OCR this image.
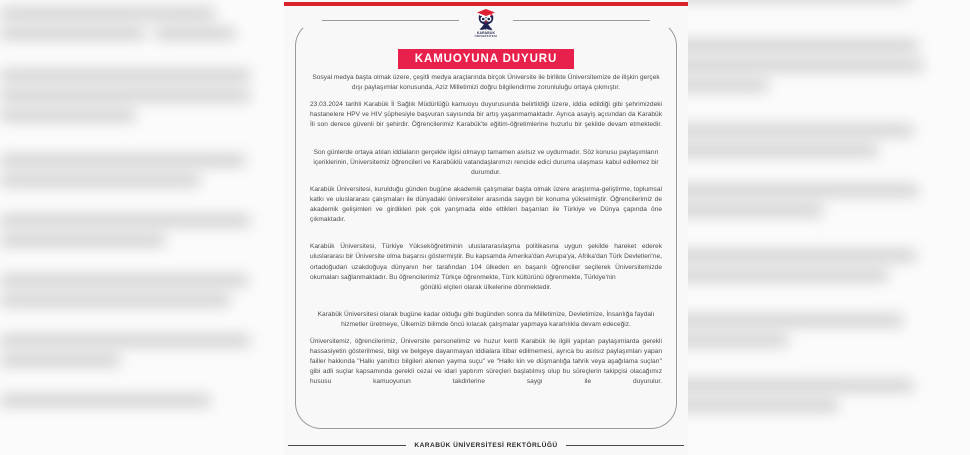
KARABÜK
ÜNİVERSİTESİ
KAMUOYUNA DUYURU

Sosyal medya başta olmak üzere, çeşitli medya araçlarında birçok Üniversite ile birlikte Üniversitemize de ilişkin gerçek dışı paylaşımlar konusunda, Aziz Milletimizi doğru bilgilendirme zorunluluğu ortaya çıkmıştır.

23.03.2024 tarihli Karabük İl Sağlık Müdürlüğü kamuoyu duyurusunda belirtildiği üzere, iddia edildiği gibi şehrimizdeki hastanelere HPV ve HIV şüphesiyle başvuran sayısında bir artış yaşanmamaktadır. Ayrıca asayiş açısından da Karabük İli son derece güvenli bir şehirdir. Öğrencilerimiz Karabük'te eğitim-öğretimlerine huzurlu bir şekilde devam etmektedir.

Son günlerde ortaya atılan iddiaların gerçekle ilgisi olmayıp tamamen asılsız ve uydurmadır. Söz konusu paylaşımların içeriklerinin, Üniversitemiz öğrencileri ve Karabüklü vatandaşlarımızı rencide edici duruma ulaşması kabul edilemez bir durumdur.

Karabük Üniversitesi, kurulduğu günden bugüne akademik çalışmalar başta olmak üzere araştırma-geliştirme, toplumsal katkı ve uluslararası çalışmaları ile dünyadaki üniversiteler arasında saygın bir konuma yükselmiştir. Öğrencilerimiz de akademik gelişimleri ve girdikleri pek çok yarışmada elde ettikleri başarıları ile Türkiye ve Dünya çapında öne çıkmaktadır.

Karabük Üniversitesi, Türkiye Yükseköğretiminin uluslararasılaşma politikasına uygun şekilde hareket ederek uluslararası bir Üniversite olma başarısı göstermiştir. Bu kapsamda Amerika'dan Avrupa'ya, Afrika'dan Türk Devletleri'ne, ortadoğudan uzakdoğuya dünyanın her tarafından 104 ülkeden en başarılı öğrenciler seçilerek Üniversitemizde okumaları sağlanmaktadır. Bu öğrencilerimiz Türkçe öğrenmekte, Türk kültürünü öğrenmekte, Türkiye'nin
gönüllü elçileri olarak ülkelerine dönmektedir.

Karabük Üniversitesi olarak bugüne kadar olduğu gibi bugünden sonra da Milletimize, Devletimize, İnsanlığa faydalı hizmetler üretmeye, Ülkemizi bilimde öncü kılacak çalışmalar yapmaya kararlılıkla devam edeceğiz.

Üniversitemiz, öğrencilerimiz, Üniversite personelimiz ve huzur kenti Karabük ile ilgili yapılan paylaşımlarda gerekli hassasiyetin gösterilmesi, bilgi ve belgeye dayanmayan iddialara itibar edilmemesi, ayrıca bu asılsız paylaşımları yapan failler hakkında "Halkı yanıltıcı bilgileri alenen yayma suçu" ve "Halkı kin ve düşmanlığa tahrik veya aşağılama suçları" gibi adli suçlar kapsamında gerekli cezai ve idari yaptırım süreçleri başlatılmış olup bu süreçlerin takipçisi olacağımız hususu kamuoyunun takdirlerine saygı ile duyurulur.

KARABÜK ÜNİVERSİTESİ REKTÖRLÜĞÜ
